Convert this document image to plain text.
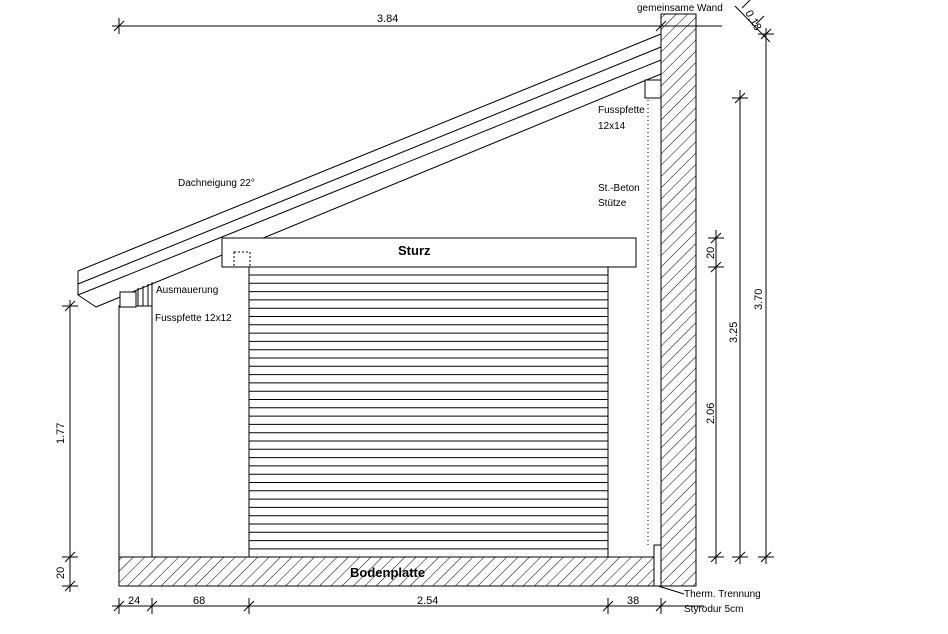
gemeinsame Wand
Dachneigung 22°
Sturz
Bodenplatte
Ausmauerung
Fusspfette 12x12
Fusspfette
12x14
St.-Beton
Stütze
Therm. Trennung
Styrodur 5cm
3.84	0.18
24	68	2.54	38
1.77
20
20
2.06
3.25
3.70
